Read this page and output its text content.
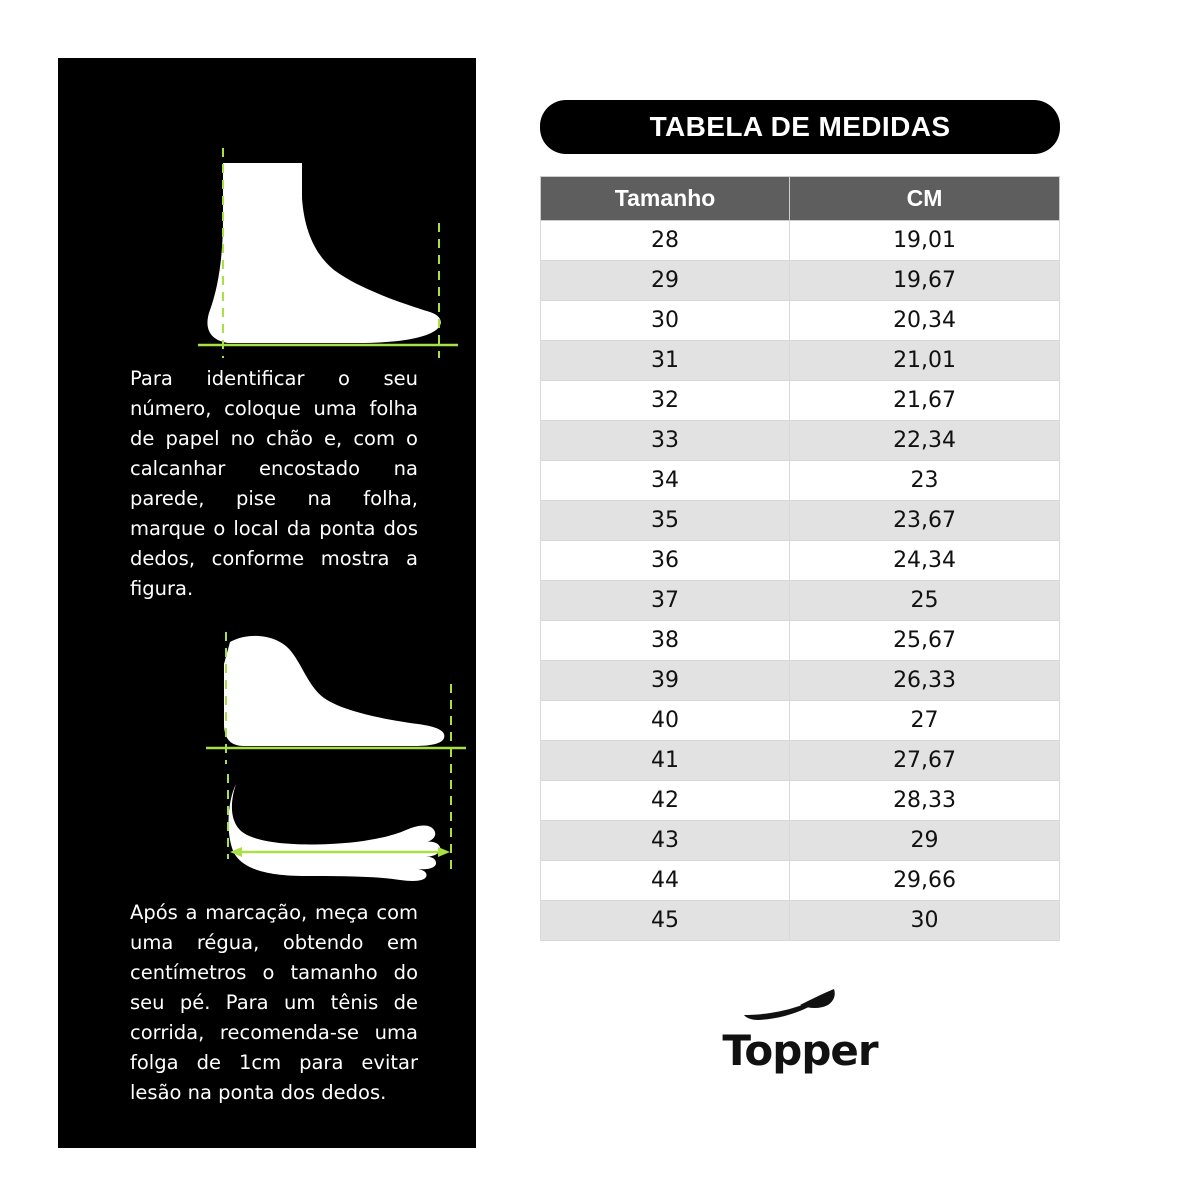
Para identificar o seu número, coloque uma folha de papel no chão e, com o calcanhar encostado na parede, pise na folha, marque o local da ponta dos dedos, conforme mostra a figura.

Após a marcação, meça com uma régua, obtendo em centímetros o tamanho do seu pé. Para um tênis de corrida, recomenda-se uma folga de 1cm para evitar lesão na ponta dos dedos.

TABELA DE MEDIDAS
Tamanho	CM
28	19,01
29	19,67
30	20,34
31	21,01
32	21,67
33	22,34
34	23
35	23,67
36	24,34
37	25
38	25,67
39	26,33
40	27
41	27,67
42	28,33
43	29
44	29,66
45	30
Topper
